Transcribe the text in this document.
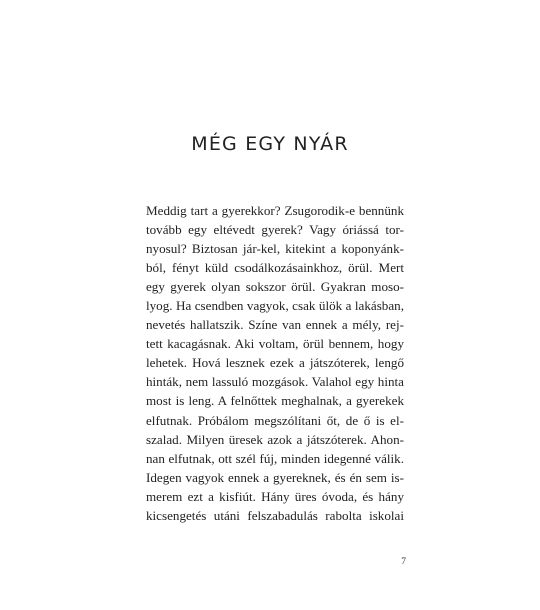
MÉG EGY NYÁR
Meddig tart a gyerekkor? Zsugorodik-e bennünk
tovább egy eltévedt gyerek? Vagy óriássá tor-
nyosul? Biztosan jár-kel, kitekint a koponyánk-
ból, fényt küld csodálkozásainkhoz, örül. Mert
egy gyerek olyan sokszor örül. Gyakran moso-
lyog. Ha csendben vagyok, csak ülök a lakásban,
nevetés hallatszik. Színe van ennek a mély, rej-
tett kacagásnak. Aki voltam, örül bennem, hogy
lehetek. Hová lesznek ezek a játszóterek, lengő
hinták, nem lassuló mozgások. Valahol egy hinta
most is leng. A felnőttek meghalnak, a gyerekek
elfutnak. Próbálom megszólítani őt, de ő is el-
szalad. Milyen üresek azok a játszóterek. Ahon-
nan elfutnak, ott szél fúj, minden idegenné válik.
Idegen vagyok ennek a gyereknek, és én sem is-
merem ezt a kisfiút. Hány üres óvoda, és hány
kicsengetés utáni felszabadulás rabolta iskolai
7
